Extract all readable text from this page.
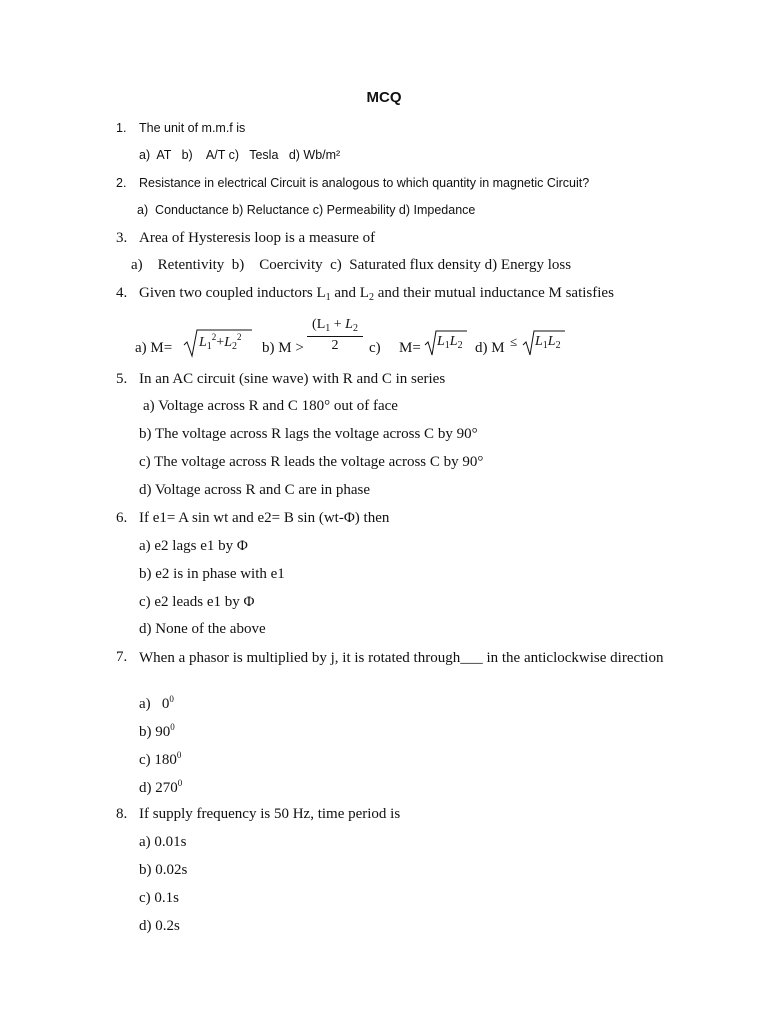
MCQ
1. The unit of m.m.f is
a)  AT   b)    A/T c)   Tesla   d) Wb/m²
2. Resistance in electrical Circuit is analogous to which quantity in magnetic Circuit?
a)  Conductance b) Reluctance c) Permeability d) Impedance
3. Area of Hysteresis loop is a measure of
a)    Retentivity  b)    Coercivity  c)  Saturated flux density d) Energy loss
4. Given two coupled inductors $L_1$ and $L_2$ and their mutual inductance M satisfies
a) $M= L_1^2+L_2^2$
b) M >
($L_1 + L_2$
2	c) $M= L_1L_2$ d) $M \le L_1L_2$
5. In an AC circuit (sine wave) with R and C in series
a) Voltage across R and C 180° out of face
b) The voltage across R lags the voltage across C by 90°
c) The voltage across R leads the voltage across C by 90°
d) Voltage across R and C are in phase
6. If e1= A sin wt and e2= B sin (wt-Φ) then
a) e2 lags e1 by Φ
b) e2 is in phase with e1
c) e2 leads e1 by Φ
d) None of the above
7. When a phasor is multiplied by j, it is rotated through___ in the anticlockwise direction
a)   $0^0$
b) $90^0$
c) $180^0$
d) $270^0$
8. If supply frequency is 50 Hz, time period is
a) 0.01s
b) 0.02s
c) 0.1s
d) 0.2s
